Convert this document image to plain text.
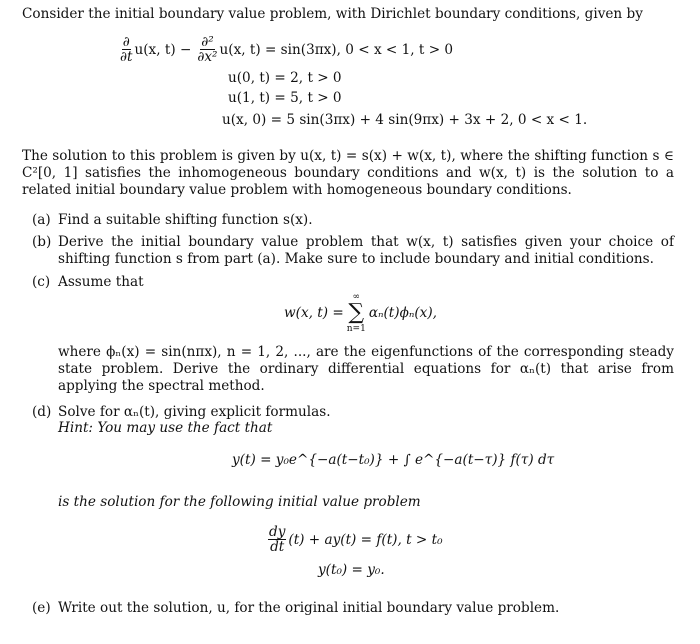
Consider the initial boundary value problem, with Dirichlet boundary conditions, given by
$\frac{\partial}{\partial t} u(x$, $t) - \frac{\text{∂²}}{\text{∂x²}} u(x$, t) = sin(3πx), 0 < x < 1, t > 0
u(0, t) = 2, t > 0
u(1, t) = 5, t > 0
u(x, 0) = 5 sin(3πx) + 4 sin(9πx) + 3x + 2, 0 < x < 1.
The solution to this problem is given by u(x, t) = s(x) + w(x, t), where the shifting function s ∈ C²[0, 1] satisfies the inhomogeneous boundary conditions and w(x, t) is the solution to a related initial boundary value problem with homogeneous boundary conditions.
(a) Find a suitable shifting function s(x).
(b) Derive the initial boundary value problem that w(x, t) satisfies given your choice of shifting function s from part (a). Make sure to include boundary and initial conditions.
(c) Assume that
w(x, t) =
∞
∑
n=1
αₙ(t)ϕₙ(x),
where ϕₙ(x) = sin(nπx), n = 1, 2, ..., are the eigenfunctions of the corresponding steady state problem. Derive the ordinary differential equations for αₙ(t) that arise from applying the spectral method.
(d) Solve for αₙ(t), giving explicit formulas.
Hint: You may use the fact that
y(t) = y₀e^{−a(t−t₀)} + ∫ e^{−a(t−τ)} f(τ) dτ
is the solution for the following initial value problem
$\frac{dy}{dt} (t) + ay(t) = f(t)$, t > t₀
y(t₀) = y₀.
(e) Write out the solution, u, for the original initial boundary value problem.
